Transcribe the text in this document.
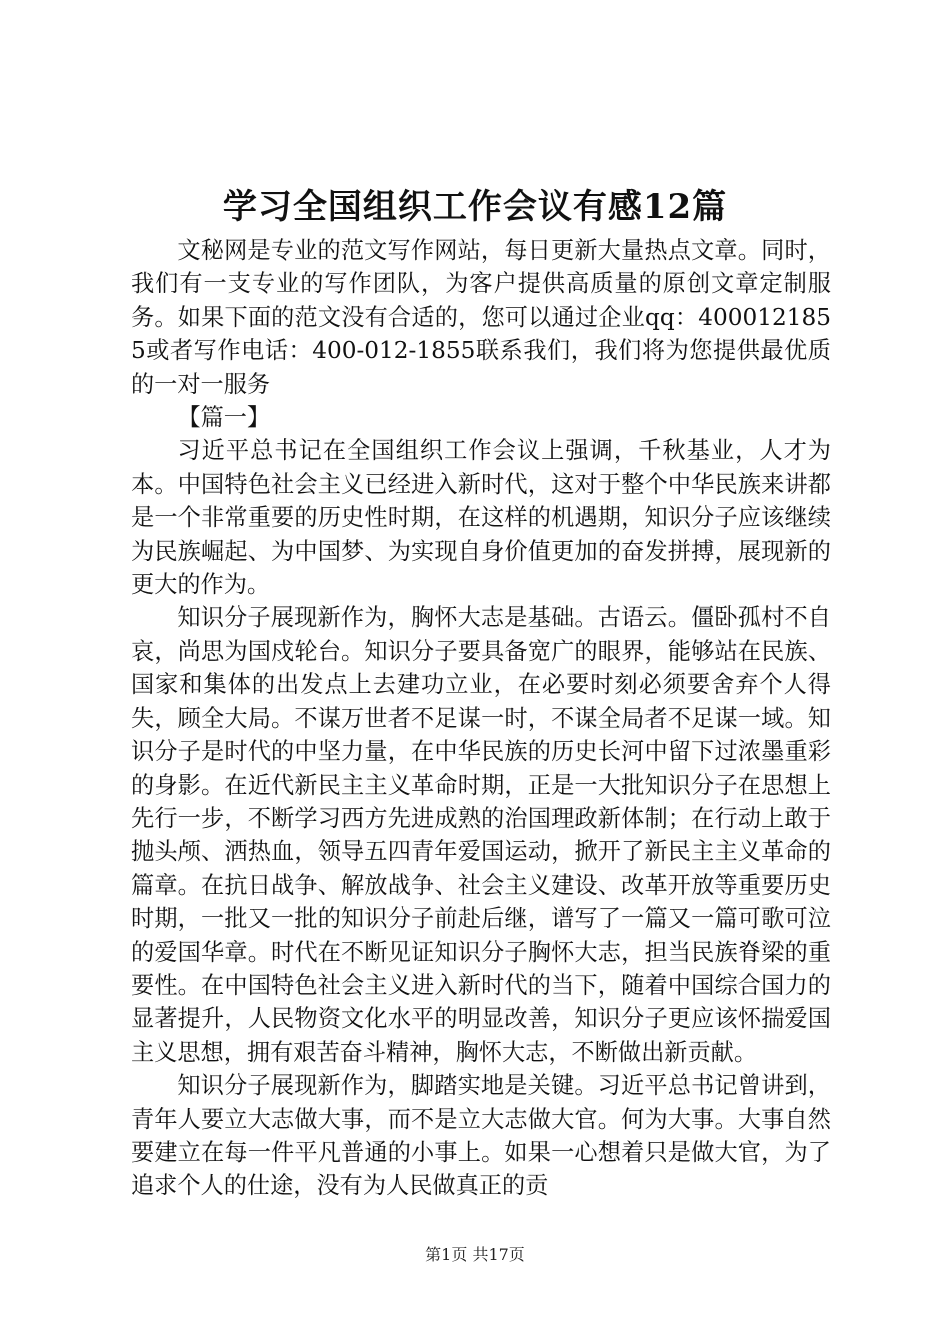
学习全国组织工作会议有感12篇

文秘网是专业的范文写作网站，每日更新大量热点文章。同时，我们有一支专业的写作团队，为客户提供高质量的原创文章定制服务。如果下面的范文没有合适的，您可以通过企业qq：4000121855或者写作电话：400-012-1855联系我们，我们将为您提供最优质的一对一服务

【篇一】

习近平总书记在全国组织工作会议上强调，千秋基业，人才为本。中国特色社会主义已经进入新时代，这对于整个中华民族来讲都是一个非常重要的历史性时期，在这样的机遇期，知识分子应该继续为民族崛起、为中国梦、为实现自身价值更加的奋发拼搏，展现新的更大的作为。

知识分子展现新作为，胸怀大志是基础。古语云。僵卧孤村不自哀，尚思为国戍轮台。知识分子要具备宽广的眼界，能够站在民族、国家和集体的出发点上去建功立业，在必要时刻必须要舍弃个人得失，顾全大局。不谋万世者不足谋一时，不谋全局者不足谋一域。知识分子是时代的中坚力量，在中华民族的历史长河中留下过浓墨重彩的身影。在近代新民主主义革命时期，正是一大批知识分子在思想上先行一步，不断学习西方先进成熟的治国理政新体制；在行动上敢于抛头颅、洒热血，领导五四青年爱国运动，掀开了新民主主义革命的篇章。在抗日战争、解放战争、社会主义建设、改革开放等重要历史时期，一批又一批的知识分子前赴后继，谱写了一篇又一篇可歌可泣的爱国华章。时代在不断见证知识分子胸怀大志，担当民族脊梁的重要性。在中国特色社会主义进入新时代的当下，随着中国综合国力的显著提升，人民物资文化水平的明显改善，知识分子更应该怀揣爱国主义思想，拥有艰苦奋斗精神，胸怀大志，不断做出新贡献。

知识分子展现新作为，脚踏实地是关键。习近平总书记曾讲到，青年人要立大志做大事，而不是立大志做大官。何为大事。大事自然要建立在每一件平凡普通的小事上。如果一心想着只是做大官，为了追求个人的仕途，没有为人民做真正的贡

第1页 共17页
